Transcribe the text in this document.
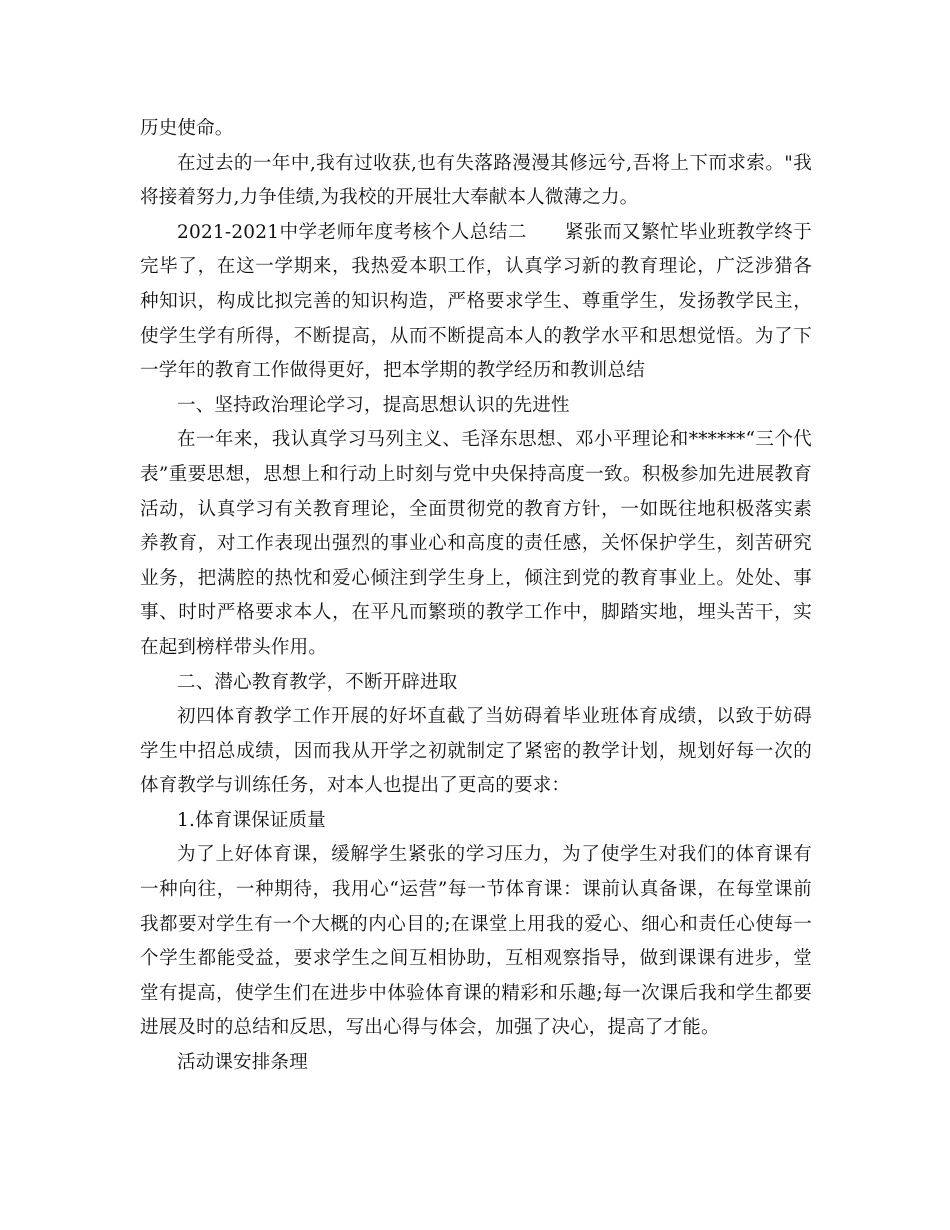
历史使命。

在过去的一年中,我有过收获,也有失落路漫漫其修远兮,吾将上下而求索。"我将接着努力,力争佳绩,为我校的开展壮大奉献本人微薄之力。

2021-2021中学老师年度考核个人总结二　　紧张而又繁忙毕业班教学终于完毕了，在这一学期来，我热爱本职工作，认真学习新的教育理论，广泛涉猎各种知识，构成比拟完善的知识构造，严格要求学生、尊重学生，发扬教学民主，使学生学有所得，不断提高，从而不断提高本人的教学水平和思想觉悟。为了下一学年的教育工作做得更好，把本学期的教学经历和教训总结

一、坚持政治理论学习，提高思想认识的先进性

在一年来，我认真学习马列主义、毛泽东思想、邓小平理论和******“三个代表”重要思想，思想上和行动上时刻与党中央保持高度一致。积极参加先进展教育活动，认真学习有关教育理论，全面贯彻党的教育方针，一如既往地积极落实素养教育，对工作表现出强烈的事业心和高度的责任感，关怀保护学生，刻苦研究业务，把满腔的热忱和爱心倾注到学生身上，倾注到党的教育事业上。处处、事事、时时严格要求本人，在平凡而繁琐的教学工作中，脚踏实地，埋头苦干，实在起到榜样带头作用。

二、潜心教育教学，不断开辟进取

初四体育教学工作开展的好坏直截了当妨碍着毕业班体育成绩，以致于妨碍学生中招总成绩，因而我从开学之初就制定了紧密的教学计划，规划好每一次的体育教学与训练任务，对本人也提出了更高的要求：

1.体育课保证质量

为了上好体育课，缓解学生紧张的学习压力，为了使学生对我们的体育课有一种向往，一种期待，我用心“运营”每一节体育课：课前认真备课，在每堂课前我都要对学生有一个大概的内心目的;在课堂上用我的爱心、细心和责任心使每一个学生都能受益，要求学生之间互相协助，互相观察指导，做到课课有进步，堂堂有提高，使学生们在进步中体验体育课的精彩和乐趣;每一次课后我和学生都要进展及时的总结和反思，写出心得与体会，加强了决心，提高了才能。

活动课安排条理
